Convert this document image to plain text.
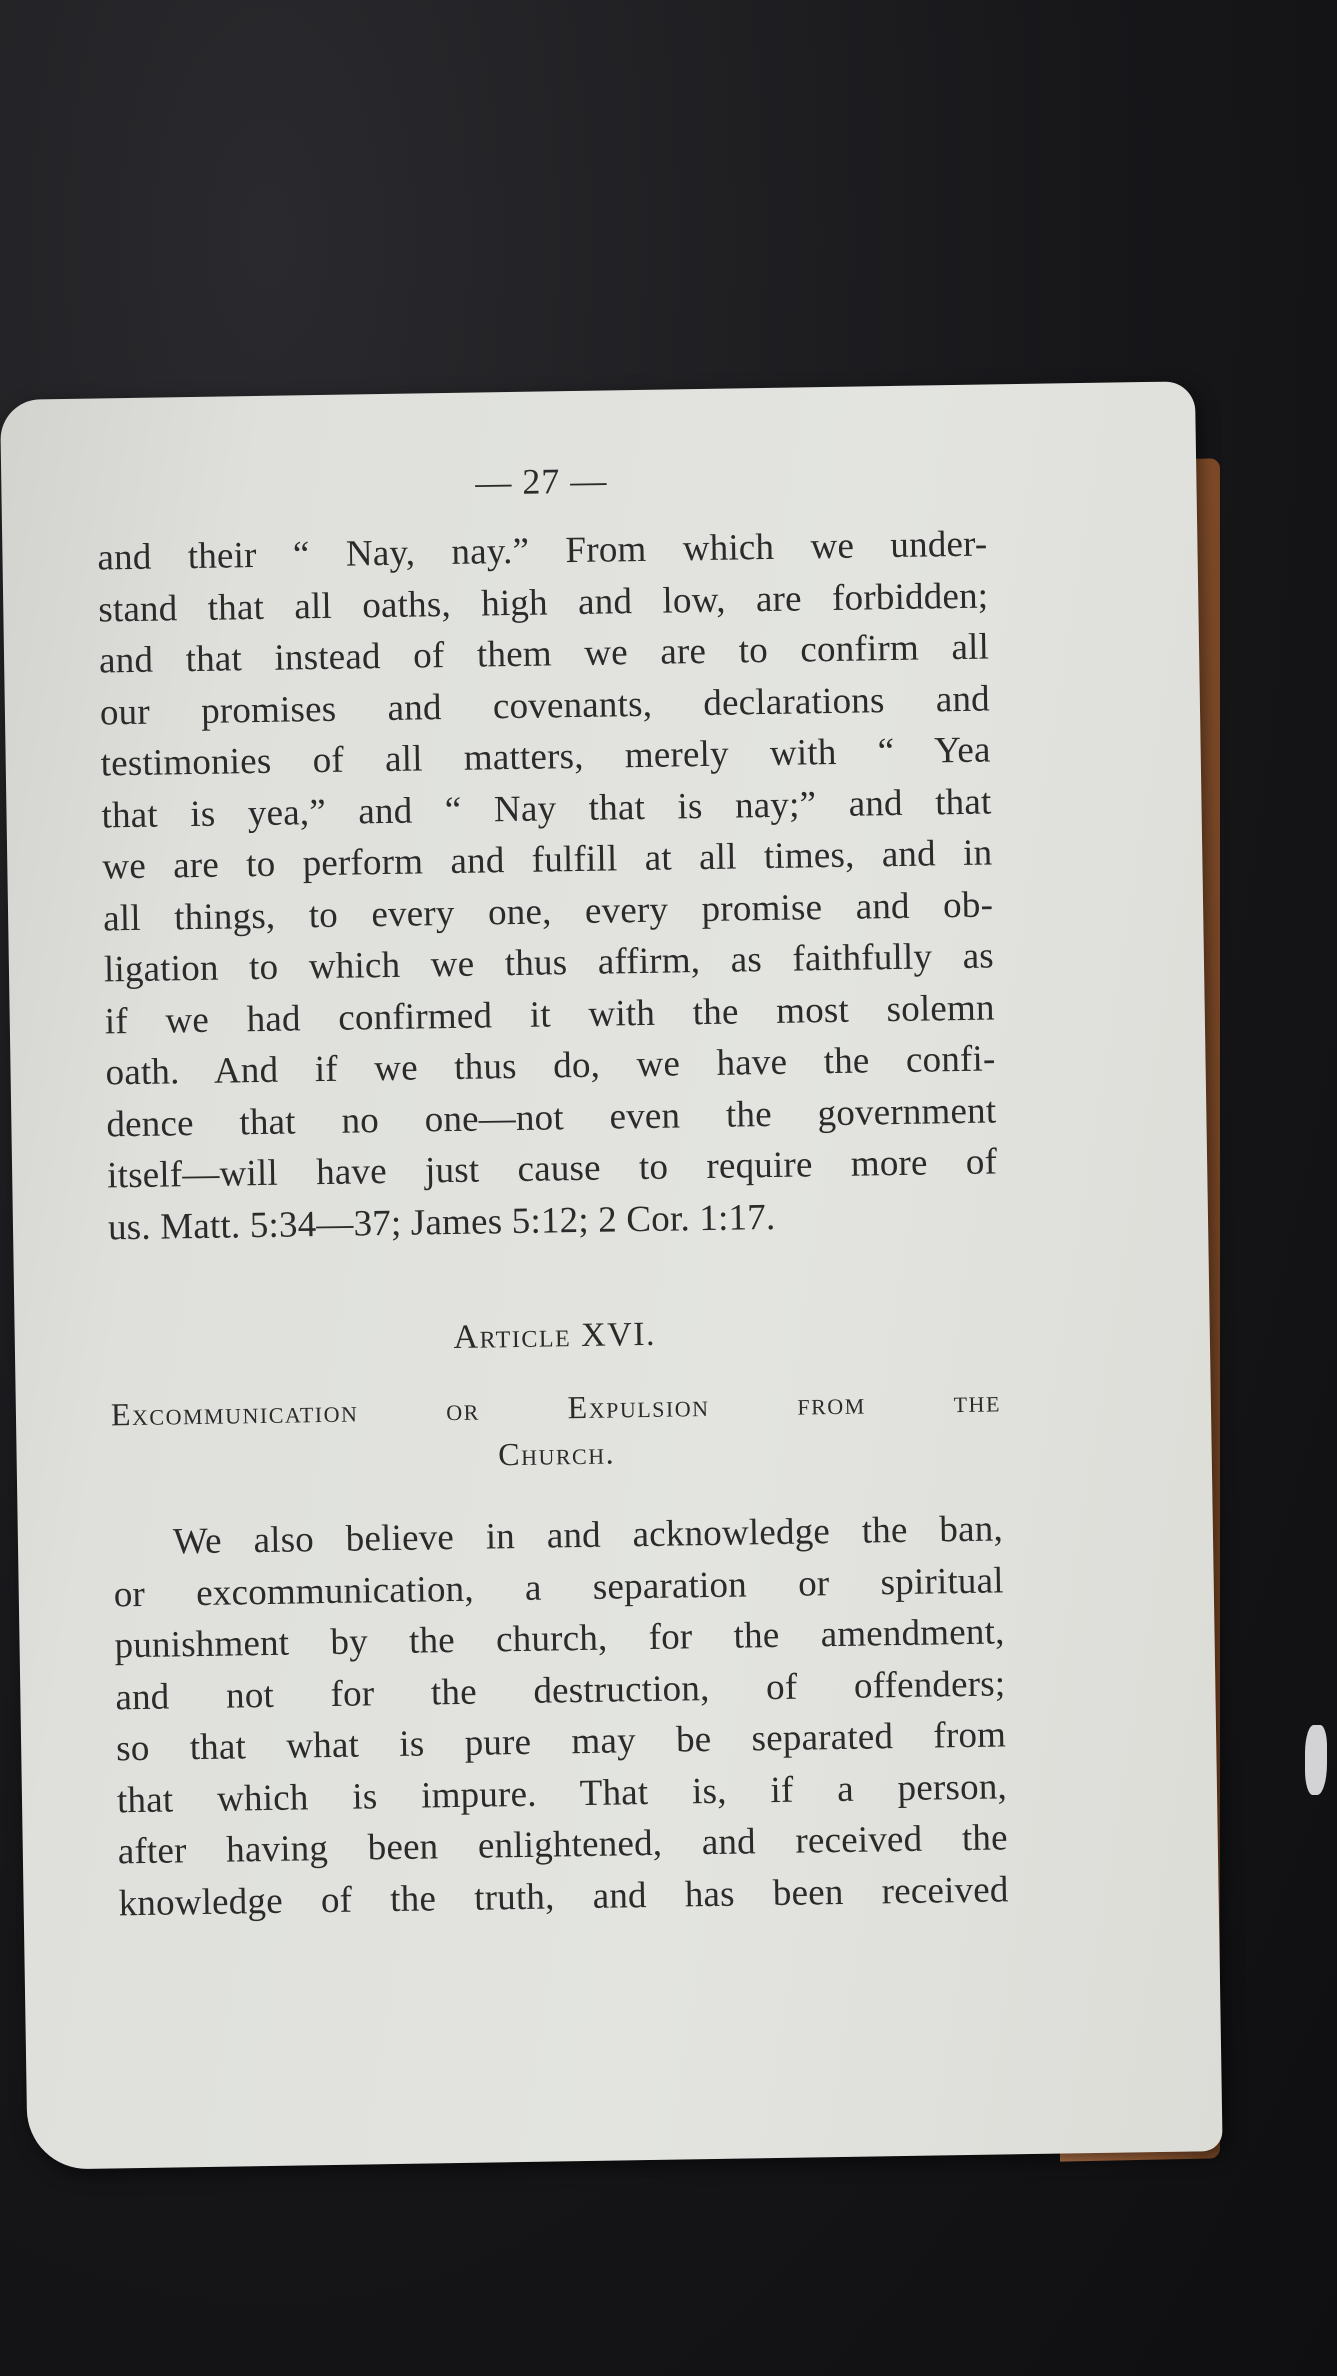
— 27 —
and their “ Nay, nay.” From which we under-
stand that all oaths, high and low, are forbidden;
and that instead of them we are to confirm all
our promises and covenants, declarations and
testimonies of all matters, merely with “ Yea
that is yea,” and “ Nay that is nay;” and that
we are to perform and fulfill at all times, and in
all things, to every one, every promise and ob-
ligation to which we thus affirm, as faithfully as
if we had confirmed it with the most solemn
oath. And if we thus do, we have the confi-
dence that no one—not even the government
itself—will have just cause to require more of
us. Matt. 5:34—37; James 5:12; 2 Cor. 1:17.
Article XVI.
Excommunication or Expulsion from the
Church.
We also believe in and acknowledge the ban,
or excommunication, a separation or spiritual
punishment by the church, for the amendment,
and not for the destruction, of offenders;
so that what is pure may be separated from
that which is impure. That is, if a person,
after having been enlightened, and received the
knowledge of the truth, and has been received
